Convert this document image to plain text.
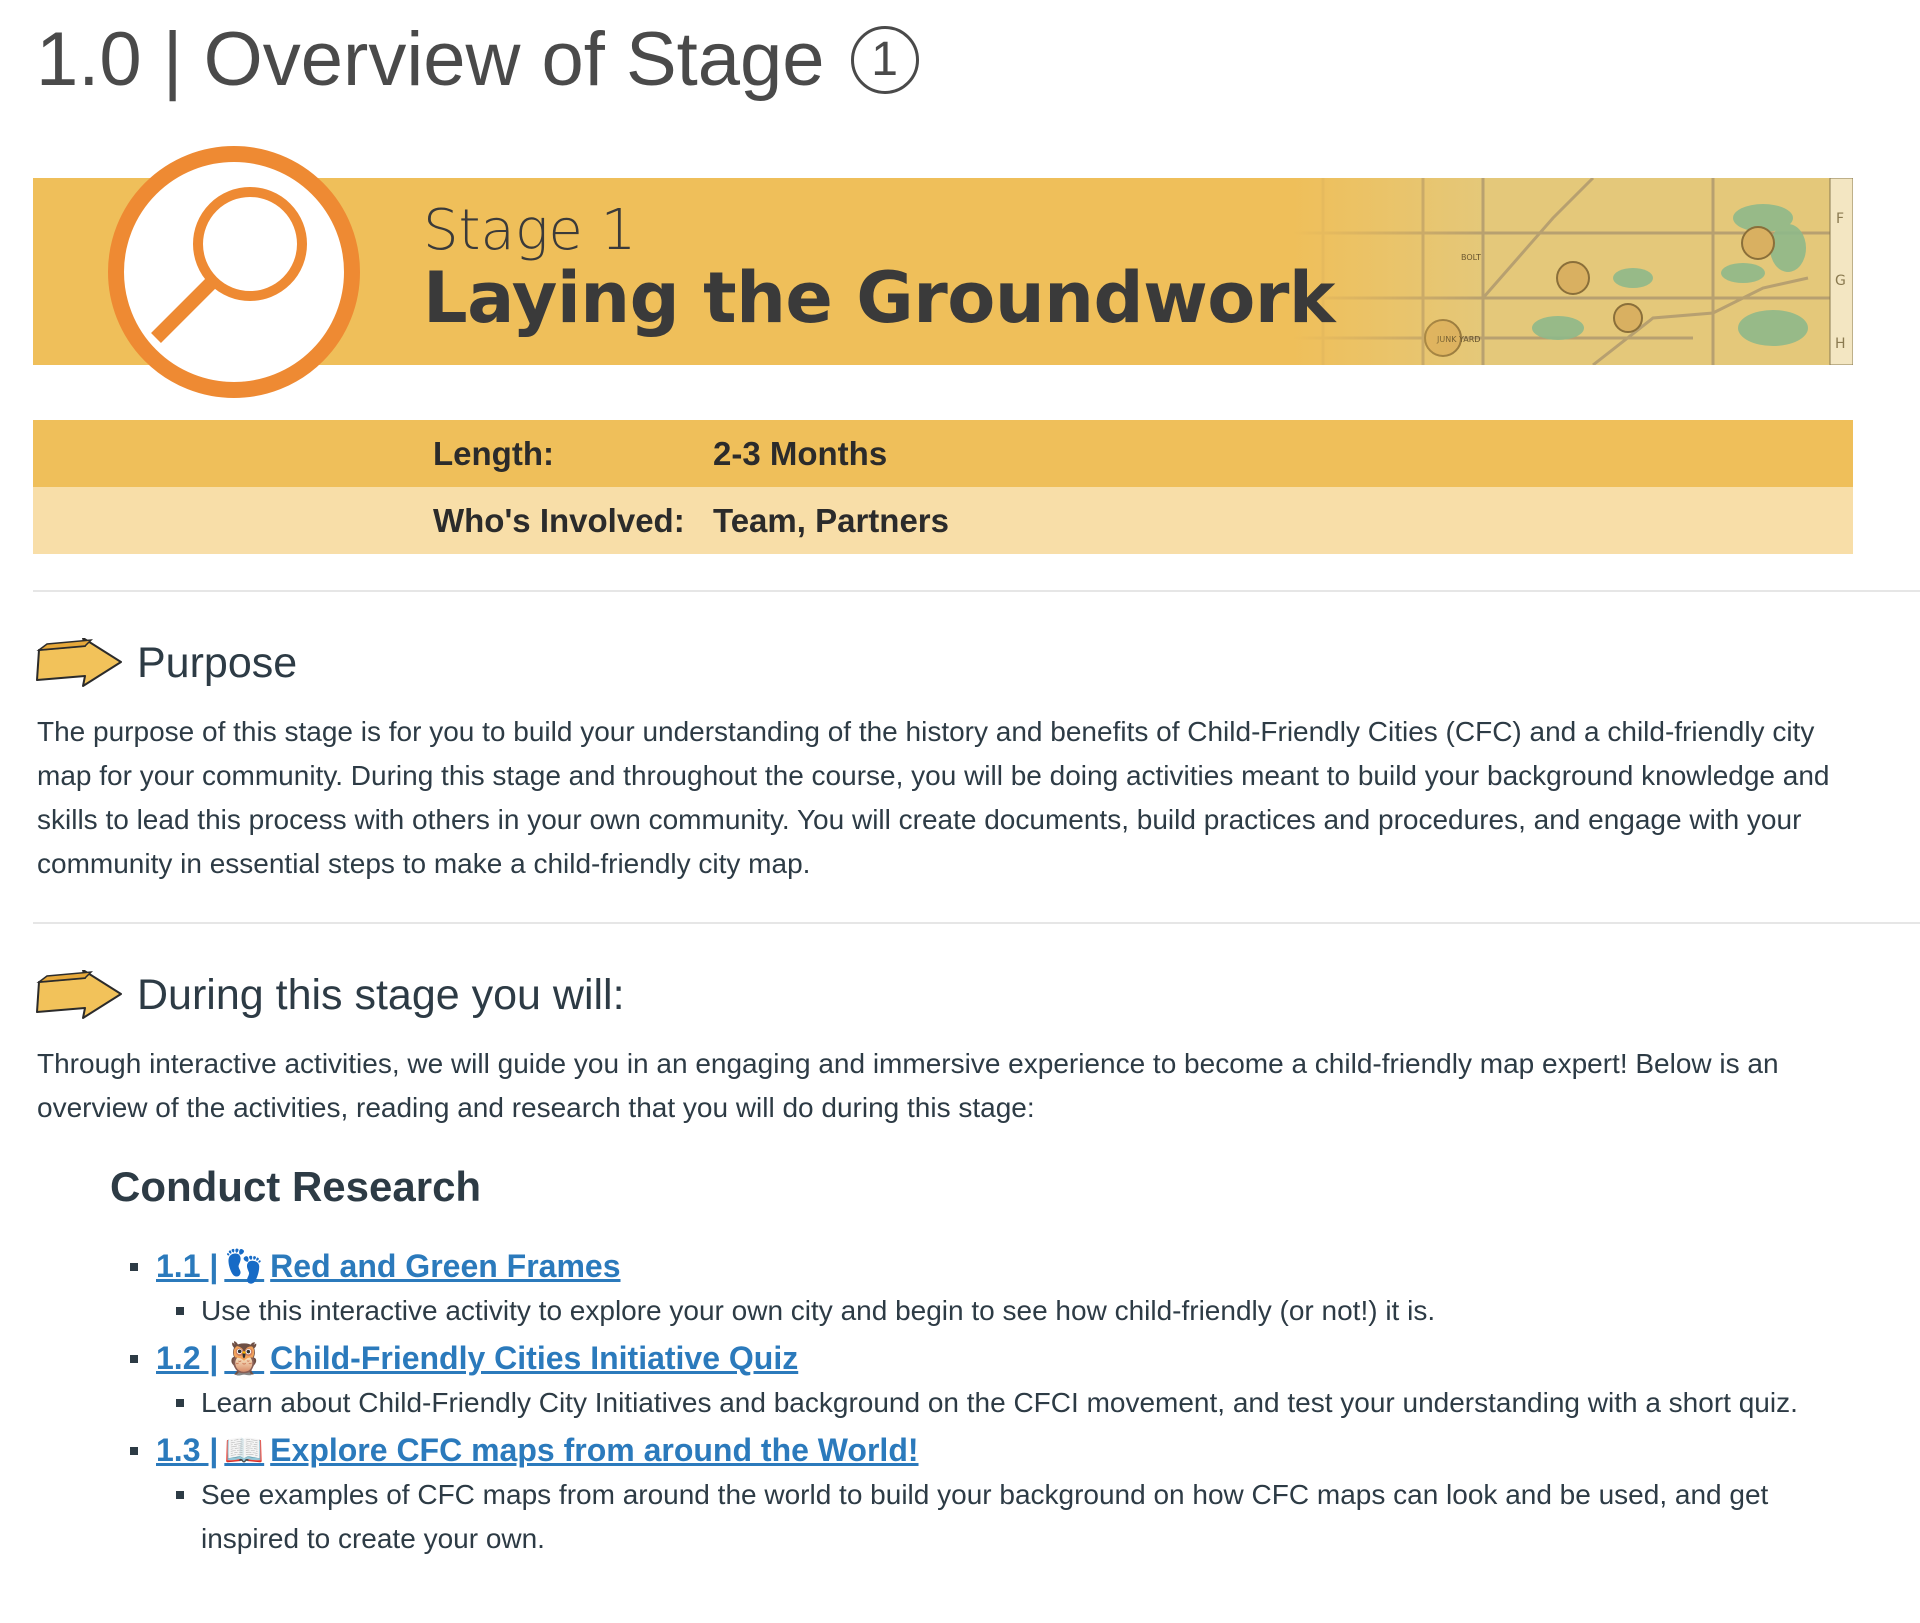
1.0 | Overview of Stage 1
F
G
H
Stage 1
Laying the Groundwork
Length:	2-3 Months
Who's Involved: Team, Partners
Purpose
The purpose of this stage is for you to build your understanding of the history and benefits of Child-Friendly Cities (CFC) and a child-friendly city map for your community. During this stage and throughout the course, you will be doing activities meant to build your background knowledge and skills to lead this process with others in your own community. You will create documents, build practices and procedures, and engage with your community in essential steps to make a child-friendly city map.
During this stage you will:
Through interactive activities, we will guide you in an engaging and immersive experience to become a child-friendly map expert! Below is an overview of the activities, reading and research that you will do during this stage:
Conduct Research
1.1 | 👣 Red and Green Frames
Use this interactive activity to explore your own city and begin to see how child-friendly (or not!) it is.
1.2 | 🦉 Child-Friendly Cities Initiative Quiz
Learn about Child-Friendly City Initiatives and background on the CFCI movement, and test your understanding with a short quiz.
1.3 | 📖 Explore CFC maps from around the World!
See examples of CFC maps from around the world to build your background on how CFC maps can look and be used, and get inspired to create your own.
